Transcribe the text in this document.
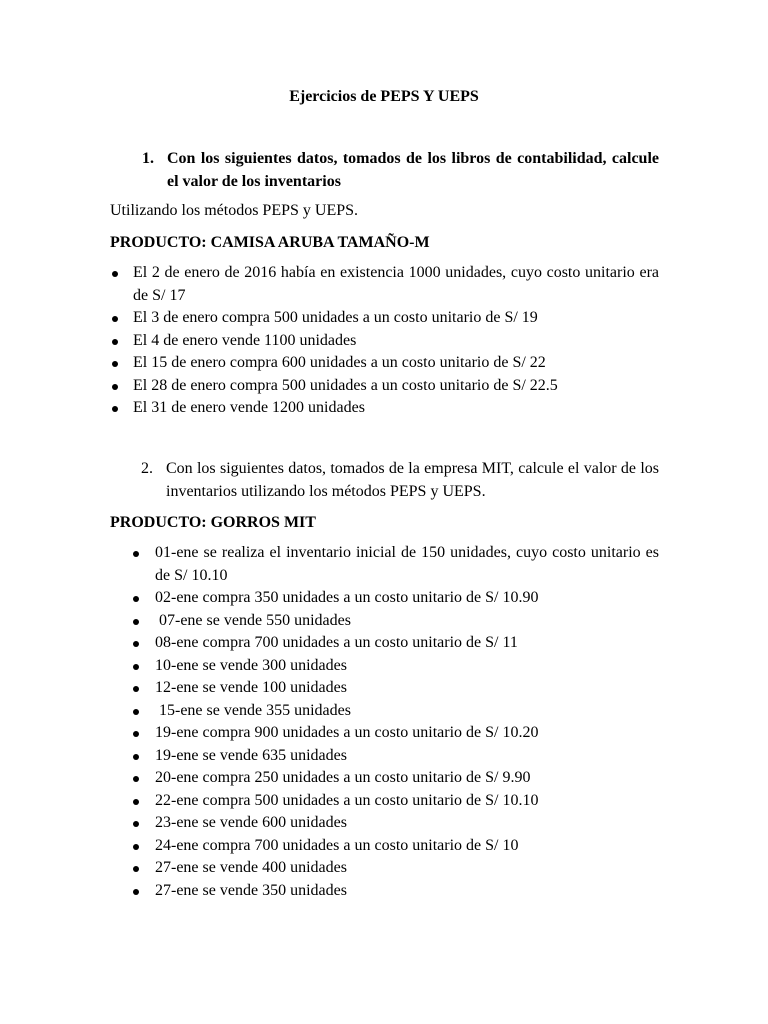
Ejercicios de PEPS Y UEPS
1. Con los siguientes datos, tomados de los libros de contabilidad, calcule el valor de los inventarios
Utilizando los métodos PEPS y UEPS.
PRODUCTO: CAMISA ARUBA TAMAÑO-M
El 2 de enero de 2016 había en existencia 1000 unidades, cuyo costo unitario era de S/ 17
El 3 de enero compra 500 unidades a un costo unitario de S/ 19
El 4 de enero vende 1100 unidades
El 15 de enero compra 600 unidades a un costo unitario de S/ 22
El 28 de enero compra 500 unidades a un costo unitario de S/ 22.5
El 31 de enero vende 1200 unidades
2. Con los siguientes datos, tomados de la empresa MIT, calcule el valor de los inventarios utilizando los métodos PEPS y UEPS.
PRODUCTO: GORROS MIT
01-ene se realiza el inventario inicial de 150 unidades, cuyo costo unitario es de S/ 10.10
02-ene compra 350 unidades a un costo unitario de S/ 10.90
07-ene se vende 550 unidades
08-ene compra 700 unidades a un costo unitario de S/ 11
10-ene se vende 300 unidades
12-ene se vende 100 unidades
15-ene se vende 355 unidades
19-ene compra 900 unidades a un costo unitario de S/ 10.20
19-ene se vende 635 unidades
20-ene compra 250 unidades a un costo unitario de S/ 9.90
22-ene compra 500 unidades a un costo unitario de S/ 10.10
23-ene se vende 600 unidades
24-ene compra 700 unidades a un costo unitario de S/ 10
27-ene se vende 400 unidades
27-ene se vende 350 unidades
